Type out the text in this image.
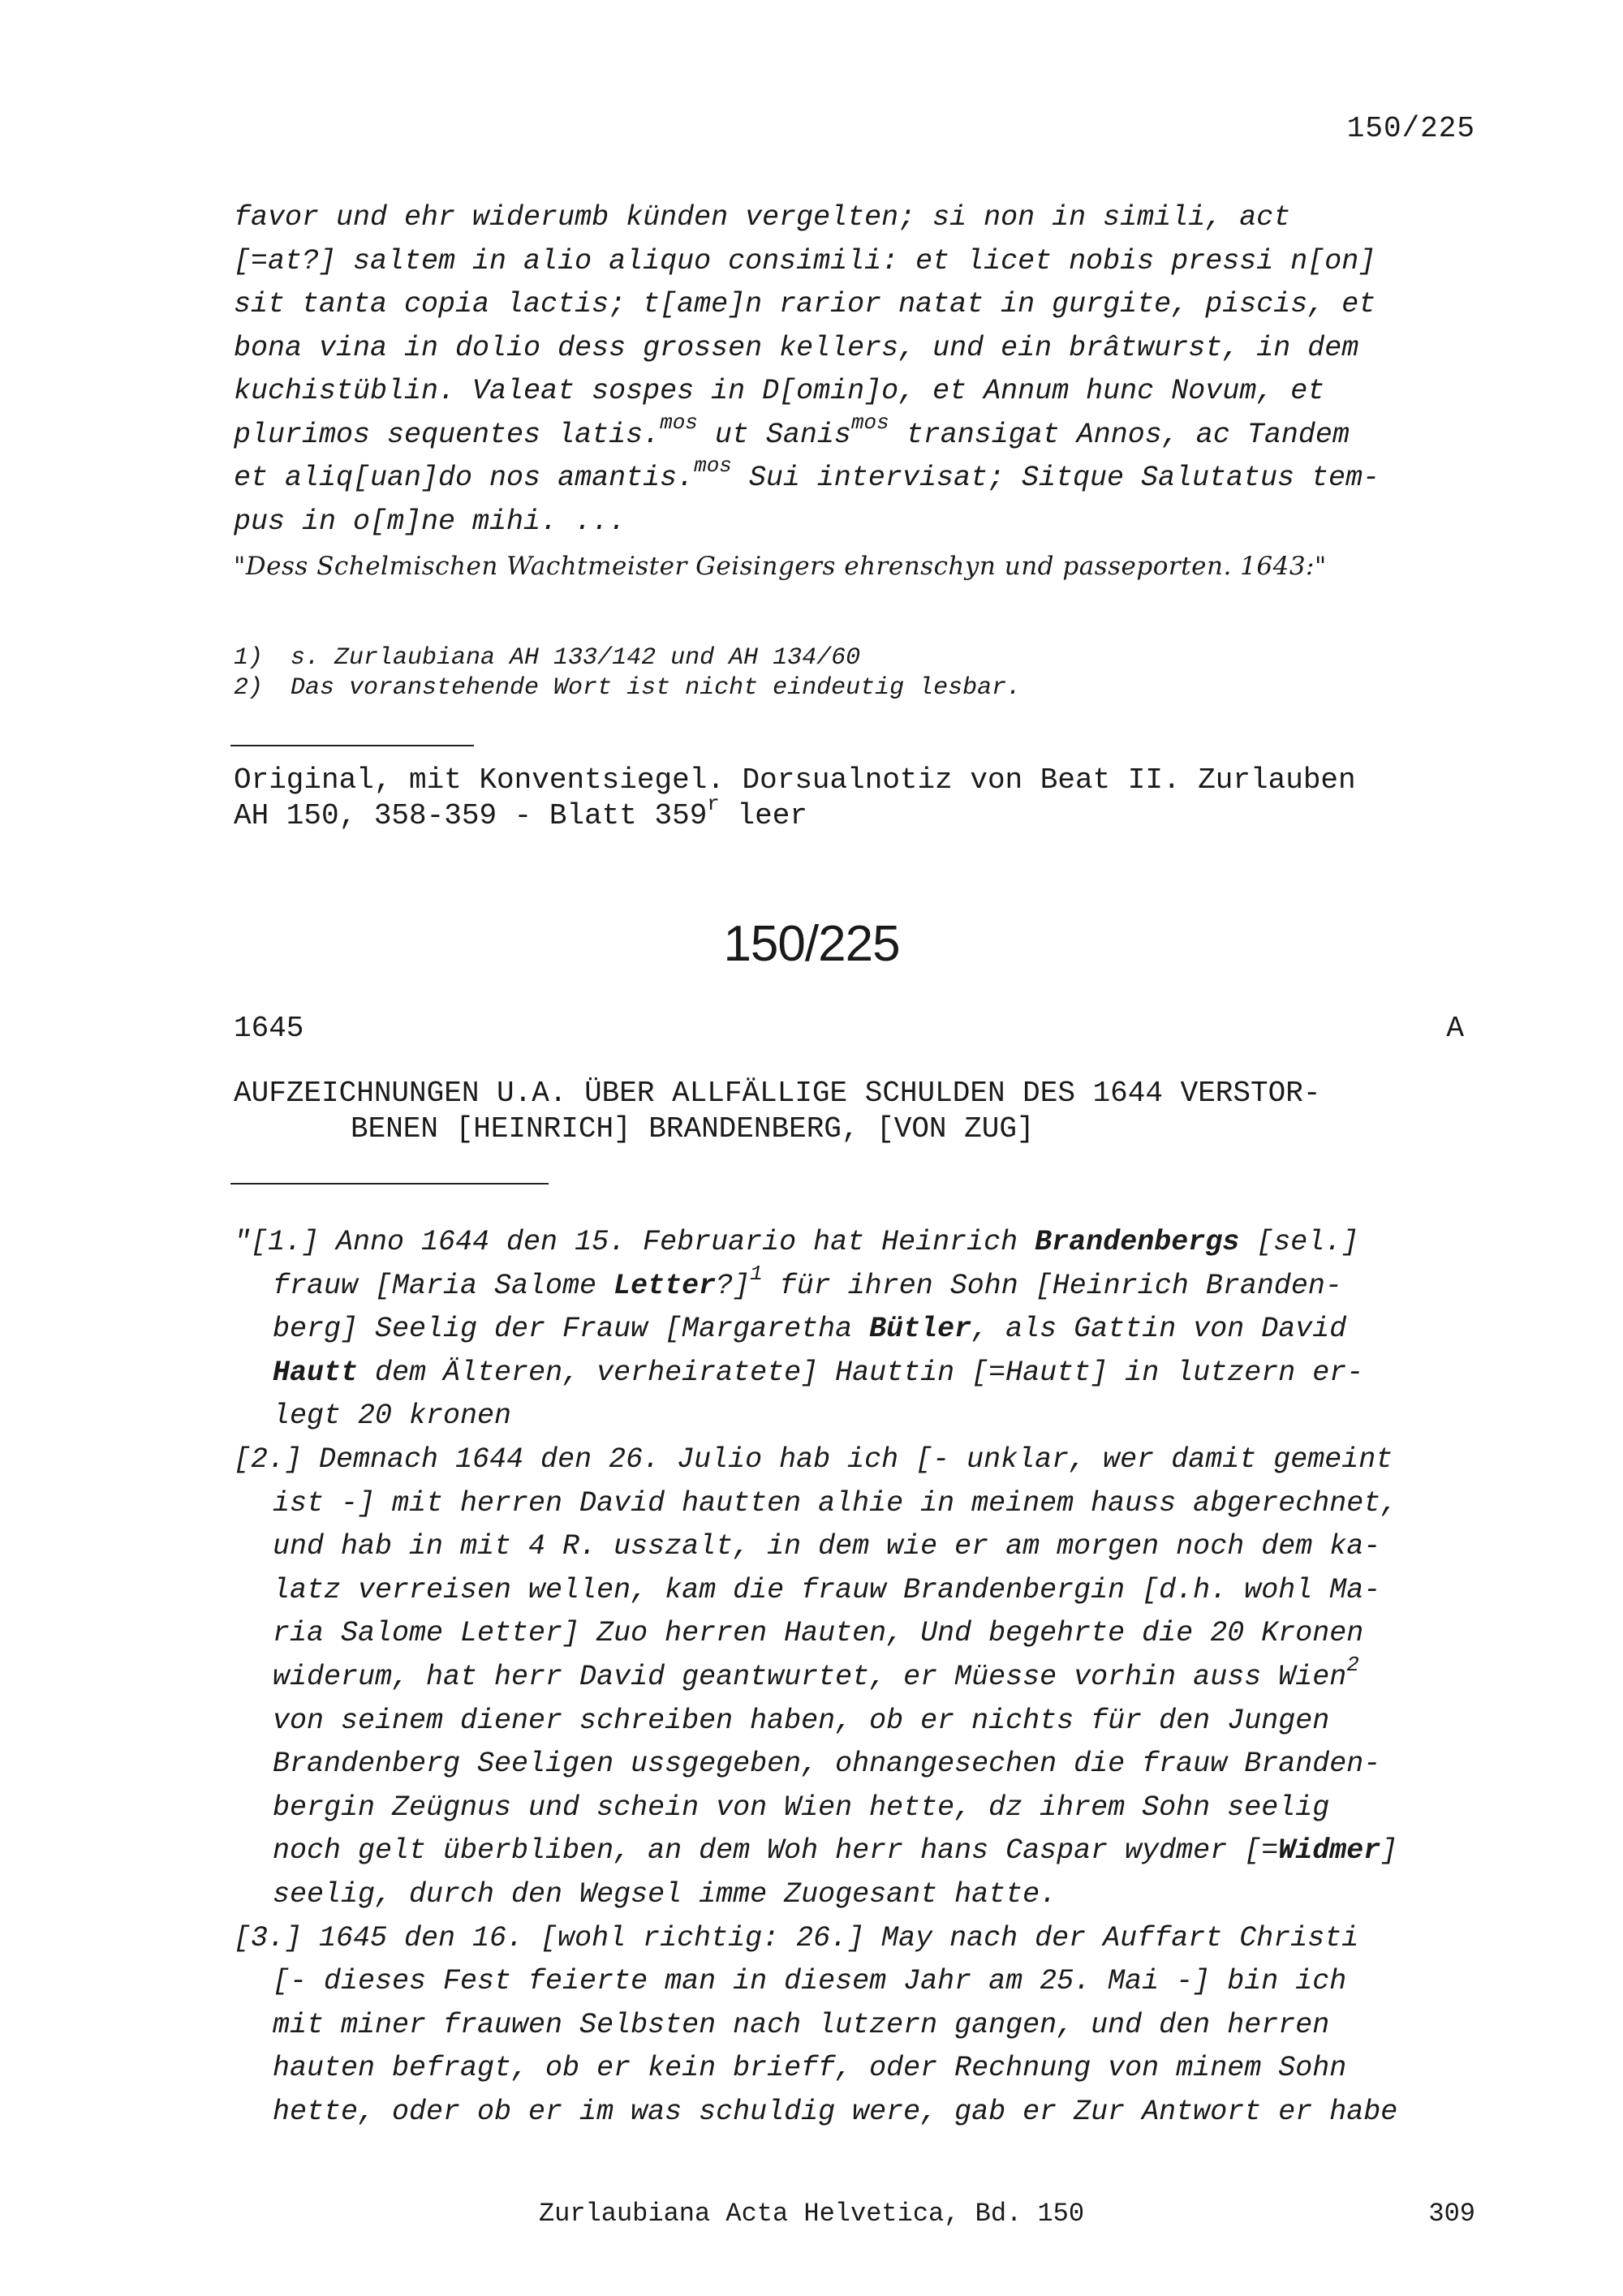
150/225
favor und ehr widerumb künden vergelten; si non in simili, act
[=at?] saltem in alio aliquo consimili: et licet nobis pressi n[on]
sit tanta copia lactis; t[ame]n rarior natat in gurgite, piscis, et
bona vina in dolio dess grossen kellers, und ein brâtwurst, in dem
kuchistüblin. Valeat sospes in D[omin]o, et Annum hunc Novum, et
plurimos sequentes latis.$^{mos}$ ut Sanis$^{mos}$ transigat Annos, ac Tandem
et aliq[uan]do nos amantis.$^{mos}$ Sui intervisat; Sitque Salutatus tem-
pus in o[m]ne mihi. ...
"Dess Schelmischen Wachtmeister Geisingers ehrenschyn und passeporten. 1643:"
1) s. Zurlaubiana AH 133/142 und AH 134/60
2) Das voranstehende Wort ist nicht eindeutig lesbar.
Original, mit Konventsiegel. Dorsualnotiz von Beat II. Zurlauben
AH 150, 358-359 - Blatt 359$^r$ leer
150/225
1645	A
AUFZEICHNUNGEN U.A. ÜBER ALLFÄLLIGE SCHULDEN DES 1644 VERSTOR-
BENEN [HEINRICH] BRANDENBERG, [VON ZUG]
"[1.] Anno 1644 den 15. Februario hat Heinrich Brandenbergs [sel.]
frauw [Maria Salome Letter?]$^1$ für ihren Sohn [Heinrich Branden-
berg] Seelig der Frauw [Margaretha Bütler, als Gattin von David
Hautt dem Älteren, verheiratete] Hauttin [=Hautt] in lutzern er-
legt 20 kronen
[2.] Demnach 1644 den 26. Julio hab ich [- unklar, wer damit gemeint
ist -] mit herren David hautten alhie in meinem hauss abgerechnet,
und hab in mit 4 R. usszalt, in dem wie er am morgen noch dem ka-
latz verreisen wellen, kam die frauw Brandenbergin [d.h. wohl Ma-
ria Salome Letter] Zuo herren Hauten, Und begehrte die 20 Kronen
widerum, hat herr David geantwurtet, er Müesse vorhin auss Wien$^2$
von seinem diener schreiben haben, ob er nichts für den Jungen
Brandenberg Seeligen ussgegeben, ohnangesechen die frauw Branden-
bergin Zeügnus und schein von Wien hette, dz ihrem Sohn seelig
noch gelt überbliben, an dem Woh herr hans Caspar wydmer [=Widmer]
seelig, durch den Wegsel imme Zuogesant hatte.
[3.] 1645 den 16. [wohl richtig: 26.] May nach der Auffart Christi
[- dieses Fest feierte man in diesem Jahr am 25. Mai -] bin ich
mit miner frauwen Selbsten nach lutzern gangen, und den herren
hauten befragt, ob er kein brieff, oder Rechnung von minem Sohn
hette, oder ob er im was schuldig were, gab er Zur Antwort er habe
Zurlaubiana Acta Helvetica, Bd. 150	309
